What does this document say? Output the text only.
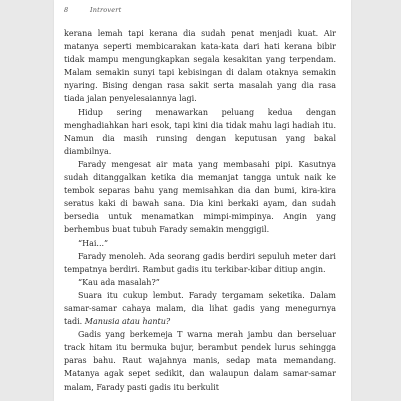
8	Introvert

kerana lemah tapi kerana dia sudah penat menjadi kuat. Air matanya seperti membicarakan kata-kata dari hati kerana bibir tidak mampu mengungkapkan segala kesakitan yang terpendam. Malam semakin sunyi tapi kebisingan di dalam otaknya semakin nyaring. Bising dengan rasa sakit serta masalah yang dia rasa tiada jalan penyelesaiannya lagi.

Hidup sering menawarkan peluang kedua dengan menghadiahkan hari esok, tapi kini dia tidak mahu lagi hadiah itu. Namun dia masih runsing dengan keputusan yang bakal diambilnya.

Farady mengesat air mata yang membasahi pipi. Kasutnya sudah ditanggalkan ketika dia memanjat tangga untuk naik ke tembok separas bahu yang memisahkan dia dan bumi, kira-kira seratus kaki di bawah sana. Dia kini berkaki ayam, dan sudah bersedia untuk menamatkan mimpi-mimpinya. Angin yang berhembus buat tubuh Farady semakin menggigil.

“Hai...”

Farady menoleh. Ada seorang gadis berdiri sepuluh meter dari tempatnya berdiri. Rambut gadis itu terkibar-kibar ditiup angin.

“Kau ada masalah?”

Suara itu cukup lembut. Farady tergamam seketika. Dalam samar-samar cahaya malam, dia lihat gadis yang menegurnya tadi. Manusia atau hantu?

Gadis yang berkemeja T warna merah jambu dan berseluar track hitam itu bermuka bujur, berambut pendek lurus sehingga paras bahu. Raut wajahnya manis, sedap mata memandang. Matanya agak sepet sedikit, dan walaupun dalam samar-samar malam, Farady pasti gadis itu berkulit
